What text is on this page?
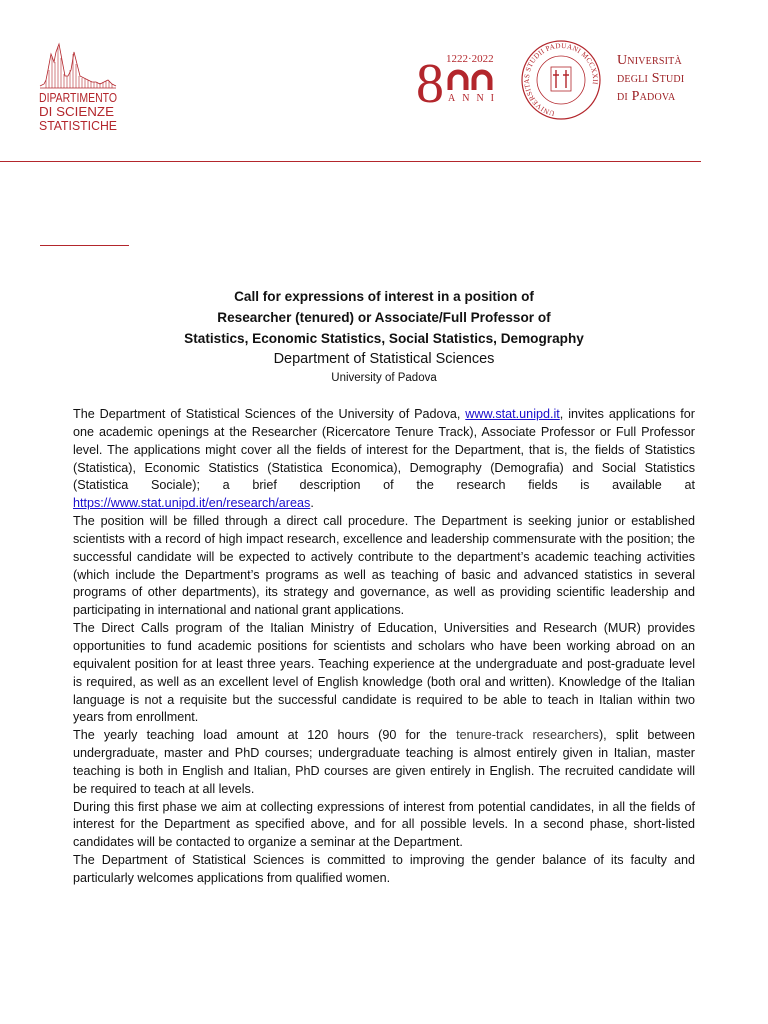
DIPARTIMENTO
DI SCIENZE
STATISTICHE
8 1222·2022
ANNI
UNIVERSITAS STUDII PADUANI MCCXXII
Università
degli Studi
di Padova
Call for expressions of interest in a position of
Researcher (tenured) or Associate/Full Professor of
Statistics, Economic Statistics, Social Statistics, Demography
Department of Statistical Sciences
University of Padova

The Department of Statistical Sciences of the University of Padova, www.stat.unipd.it, invites applications for one academic openings at the Researcher (Ricercatore Tenure Track), Associate Professor or Full Professor level. The applications might cover all the fields of interest for the Department, that is, the fields of Statistics (Statistica), Economic Statistics (Statistica Economica), Demography (Demografia) and Social Statistics (Statistica Sociale); a brief description of the research fields is available at https://www.stat.unipd.it/en/research/areas.

The position will be filled through a direct call procedure. The Department is seeking junior or established scientists with a record of high impact research, excellence and leadership commensurate with the position; the successful candidate will be expected to actively contribute to the department’s academic teaching activities (which include the Department’s programs as well as teaching of basic and advanced statistics in several programs of other departments), its strategy and governance, as well as providing scientific leadership and participating in international and national grant applications.

The Direct Calls program of the Italian Ministry of Education, Universities and Research (MUR) provides opportunities to fund academic positions for scientists and scholars who have been working abroad on an equivalent position for at least three years. Teaching experience at the undergraduate and post-graduate level is required, as well as an excellent level of English knowledge (both oral and written). Knowledge of the Italian language is not a requisite but the successful candidate is required to be able to teach in Italian within two years from enrollment.

The yearly teaching load amount at 120 hours (90 for the tenure-track researchers), split between undergraduate, master and PhD courses; undergraduate teaching is almost entirely given in Italian, master teaching is both in English and Italian, PhD courses are given entirely in English. The recruited candidate will be required to teach at all levels.

During this first phase we aim at collecting expressions of interest from potential candidates, in all the fields of interest for the Department as specified above, and for all possible levels. In a second phase, short-listed candidates will be contacted to organize a seminar at the Department.

The Department of Statistical Sciences is committed to improving the gender balance of its faculty and particularly welcomes applications from qualified women.
